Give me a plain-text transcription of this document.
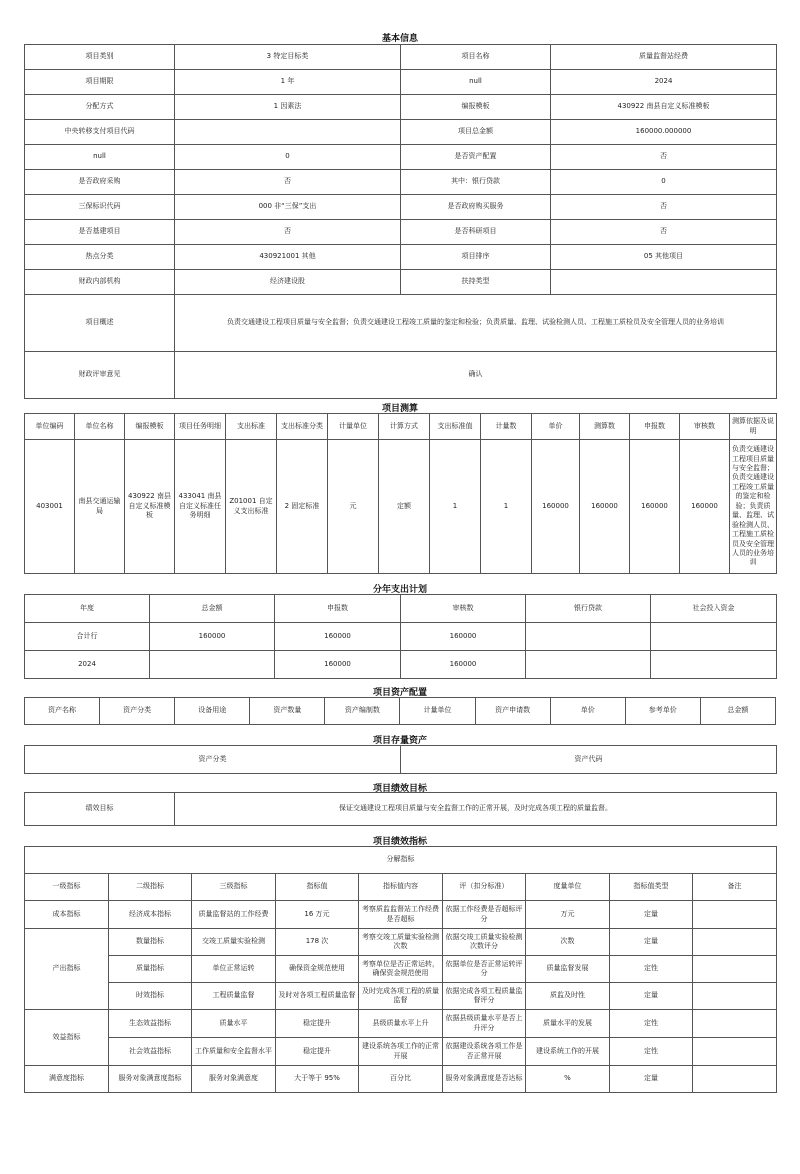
基本信息
项目类别	3 特定目标类	项目名称	质量监督站经费
项目期限	1 年	null	2024
分配方式	1 因素法	编报模板	430922 南县自定义标准模板
中央转移支付项目代码		项目总金额	160000.000000
null	0	是否资产配置	否
是否政府采购	否	其中：银行贷款	0
三保标识代码	000 非“三保”支出	是否政府购买服务	否
是否基建项目	否	是否科研项目	否
热点分类	430921001 其他	项目排序	05 其他项目
财政内部机构	经济建设股	扶持类型	
项目概述	负责交通建设工程项目质量与安全监督；负责交通建设工程竣工质量的鉴定和检验；负责质量、监理、试验检测人员、工程施工质检员及安全管理人员的业务培训		
财政评审意见	确认		
项目测算
单位编码	单位名称	编报模板	项目任务明细	支出标准	支出标准分类	计量单位	计算方式	支出标准值	计量数	单价	测算数	申报数	审核数	测算依据及说明
403001	南县交通运输局	430922 南县自定义标准模板	433041 南县自定义标准任务明细	Z01001 自定义支出标准	2 固定标准	元	定额	1	1	160000	160000	160000	160000	负责交通建设工程项目质量与安全监督；负责交通建设工程竣工质量的鉴定和检验；负责质量、监理、试验检测人员、工程施工质检员及安全管理人员的业务培训
分年支出计划
年度	总金额	申报数	审核数	银行贷款	社会投入资金
合计行	160000	160000	160000		
2024		160000	160000		
项目资产配置
资产名称	资产分类	设备用途	资产数量	资产编制数	计量单位	资产申请数	单价	参考单价	总金额
项目存量资产
资产分类	资产代码
项目绩效目标
绩效目标	保证交通建设工程项目质量与安全监督工作的正常开展，及时完成各项工程的质量监督。
项目绩效指标
分解指标								
一级指标	二级指标	三级指标	指标值	指标值内容	评（扣分标准）	度量单位	指标值类型	备注
成本指标	经济成本指标	质量监督站的工作经费	16 万元	考察质监监督站工作经费是否超标	依据工作经费是否超标评分	万元	定量	
产出指标	数量指标	交竣工质量实验检测	178 次	考察交竣工质量实验检测次数	依据交竣工质量实验检测次数评分	次数	定量	
	质量指标	单位正常运转	确保资金规范使用	考察单位是否正常运转，确保资金规范使用	依据单位是否正常运转评分	质量监督发展	定性	
	时效指标	工程质量监督	及时对各项工程质量监督	及时完成各项工程的质量监督	依据完成各项工程质量监督评分	质监及时性	定量	
效益指标	生态效益指标	质量水平	稳定提升	县级质量水平上升	依据县级质量水平是否上升评分	质量水平的发展	定性	
	社会效益指标	工作质量和安全监督水平	稳定提升	建设系统各项工作的正常开展	依据建设系统各项工作是否正常开展	建设系统工作的开展	定性	
满意度指标	服务对象满意度指标	服务对象满意度	大于等于 95%	百分比	服务对象满意度是否达标	%	定量	
